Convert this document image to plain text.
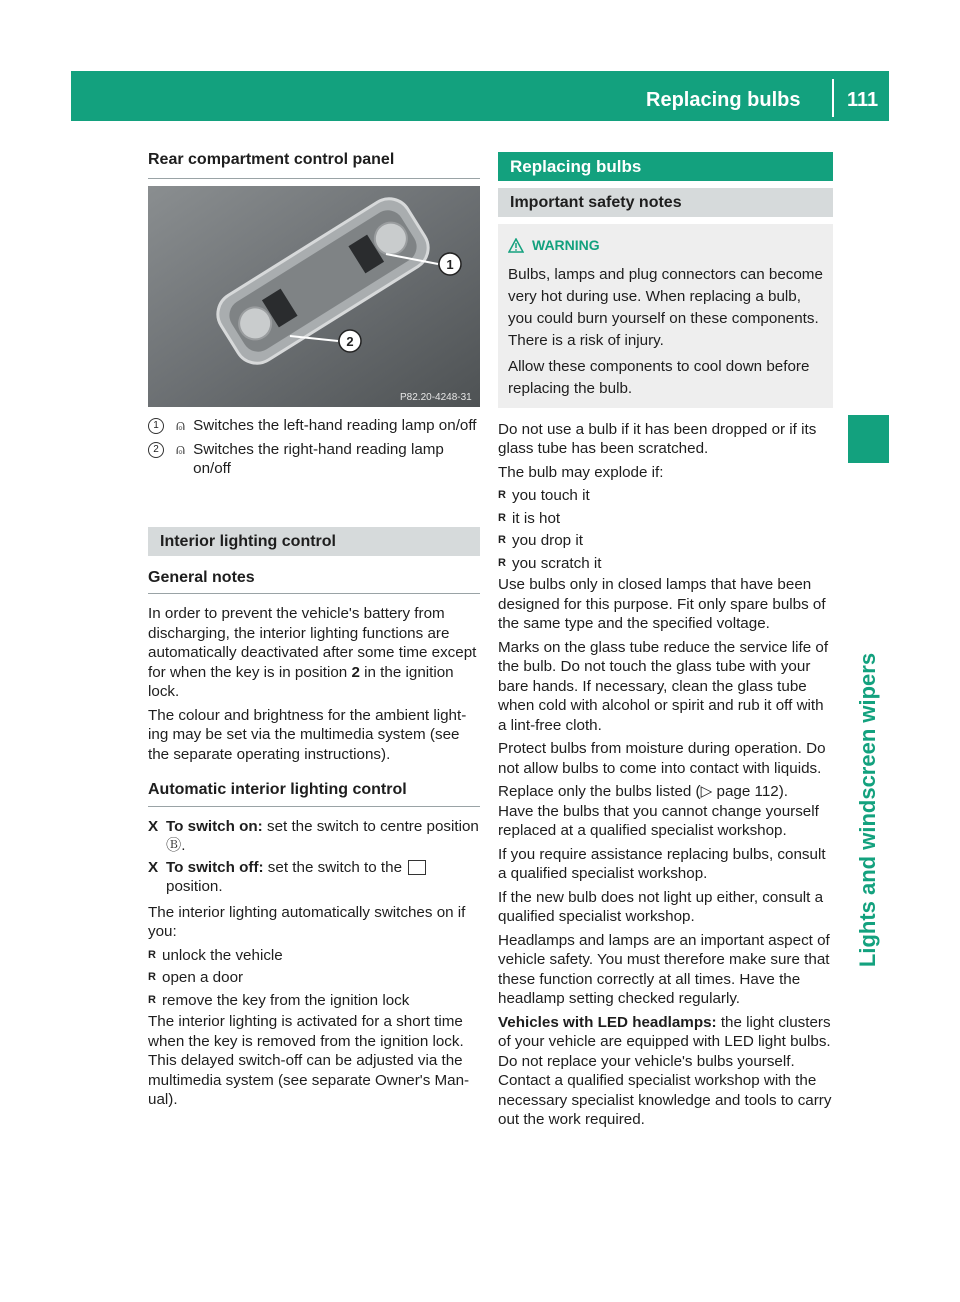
Replacing bulbs 111
Lights and windscreen wipers
Rear compartment control panel
1
2
P82.20-4248-31
1	⍝ Switches the left-hand reading lamp on/off
2	⍝ Switches the right-hand reading lamp on/off
Interior lighting control
General notes

In order to prevent the vehicle's battery from discharging, the interior lighting functions are automatically deactivated after some time except for when the key is in position 2 in the ignition lock.

The colour and brightness for the ambient lighting may be set via the multimedia system (see the separate operating instructions).

Automatic interior lighting control

X To switch on: set the switch to centre position Ⓑ.

X To switch off: set the switch to the
position.

The interior lighting automatically switches on if you:

R unlock the vehicle
R open a door
R remove the key from the ignition lock

The interior lighting is activated for a short time when the key is removed from the ignition lock. This delayed switch-off can be adjusted via the multimedia system (see separate Owner's Manual).

Replacing bulbs
Important safety notes
WARNING

Bulbs, lamps and plug connectors can become very hot during use. When replacing a bulb, you could burn yourself on these components. There is a risk of injury.

Allow these components to cool down before replacing the bulb.

Do not use a bulb if it has been dropped or if its glass tube has been scratched.

The bulb may explode if:

R you touch it
R it is hot
R you drop it
R you scratch it

Use bulbs only in closed lamps that have been designed for this purpose. Fit only spare bulbs of the same type and the specified voltage.

Marks on the glass tube reduce the service life of the bulb. Do not touch the glass tube with your bare hands. If necessary, clean the glass tube when cold with alcohol or spirit and rub it off with a lint-free cloth.

Protect bulbs from moisture during operation. Do not allow bulbs to come into contact with liquids.

Replace only the bulbs listed (▷ page 112).

Have the bulbs that you cannot change yourself replaced at a qualified specialist workshop.

If you require assistance replacing bulbs, consult a qualified specialist workshop.

If the new bulb does not light up either, consult a qualified specialist workshop.

Headlamps and lamps are an important aspect of vehicle safety. You must therefore make sure that these function correctly at all times. Have the headlamp setting checked regularly.

Vehicles with LED headlamps: the light clusters of your vehicle are equipped with LED light bulbs. Do not replace your vehicle's bulbs yourself. Contact a qualified specialist workshop with the necessary specialist knowledge and tools to carry out the work required.
